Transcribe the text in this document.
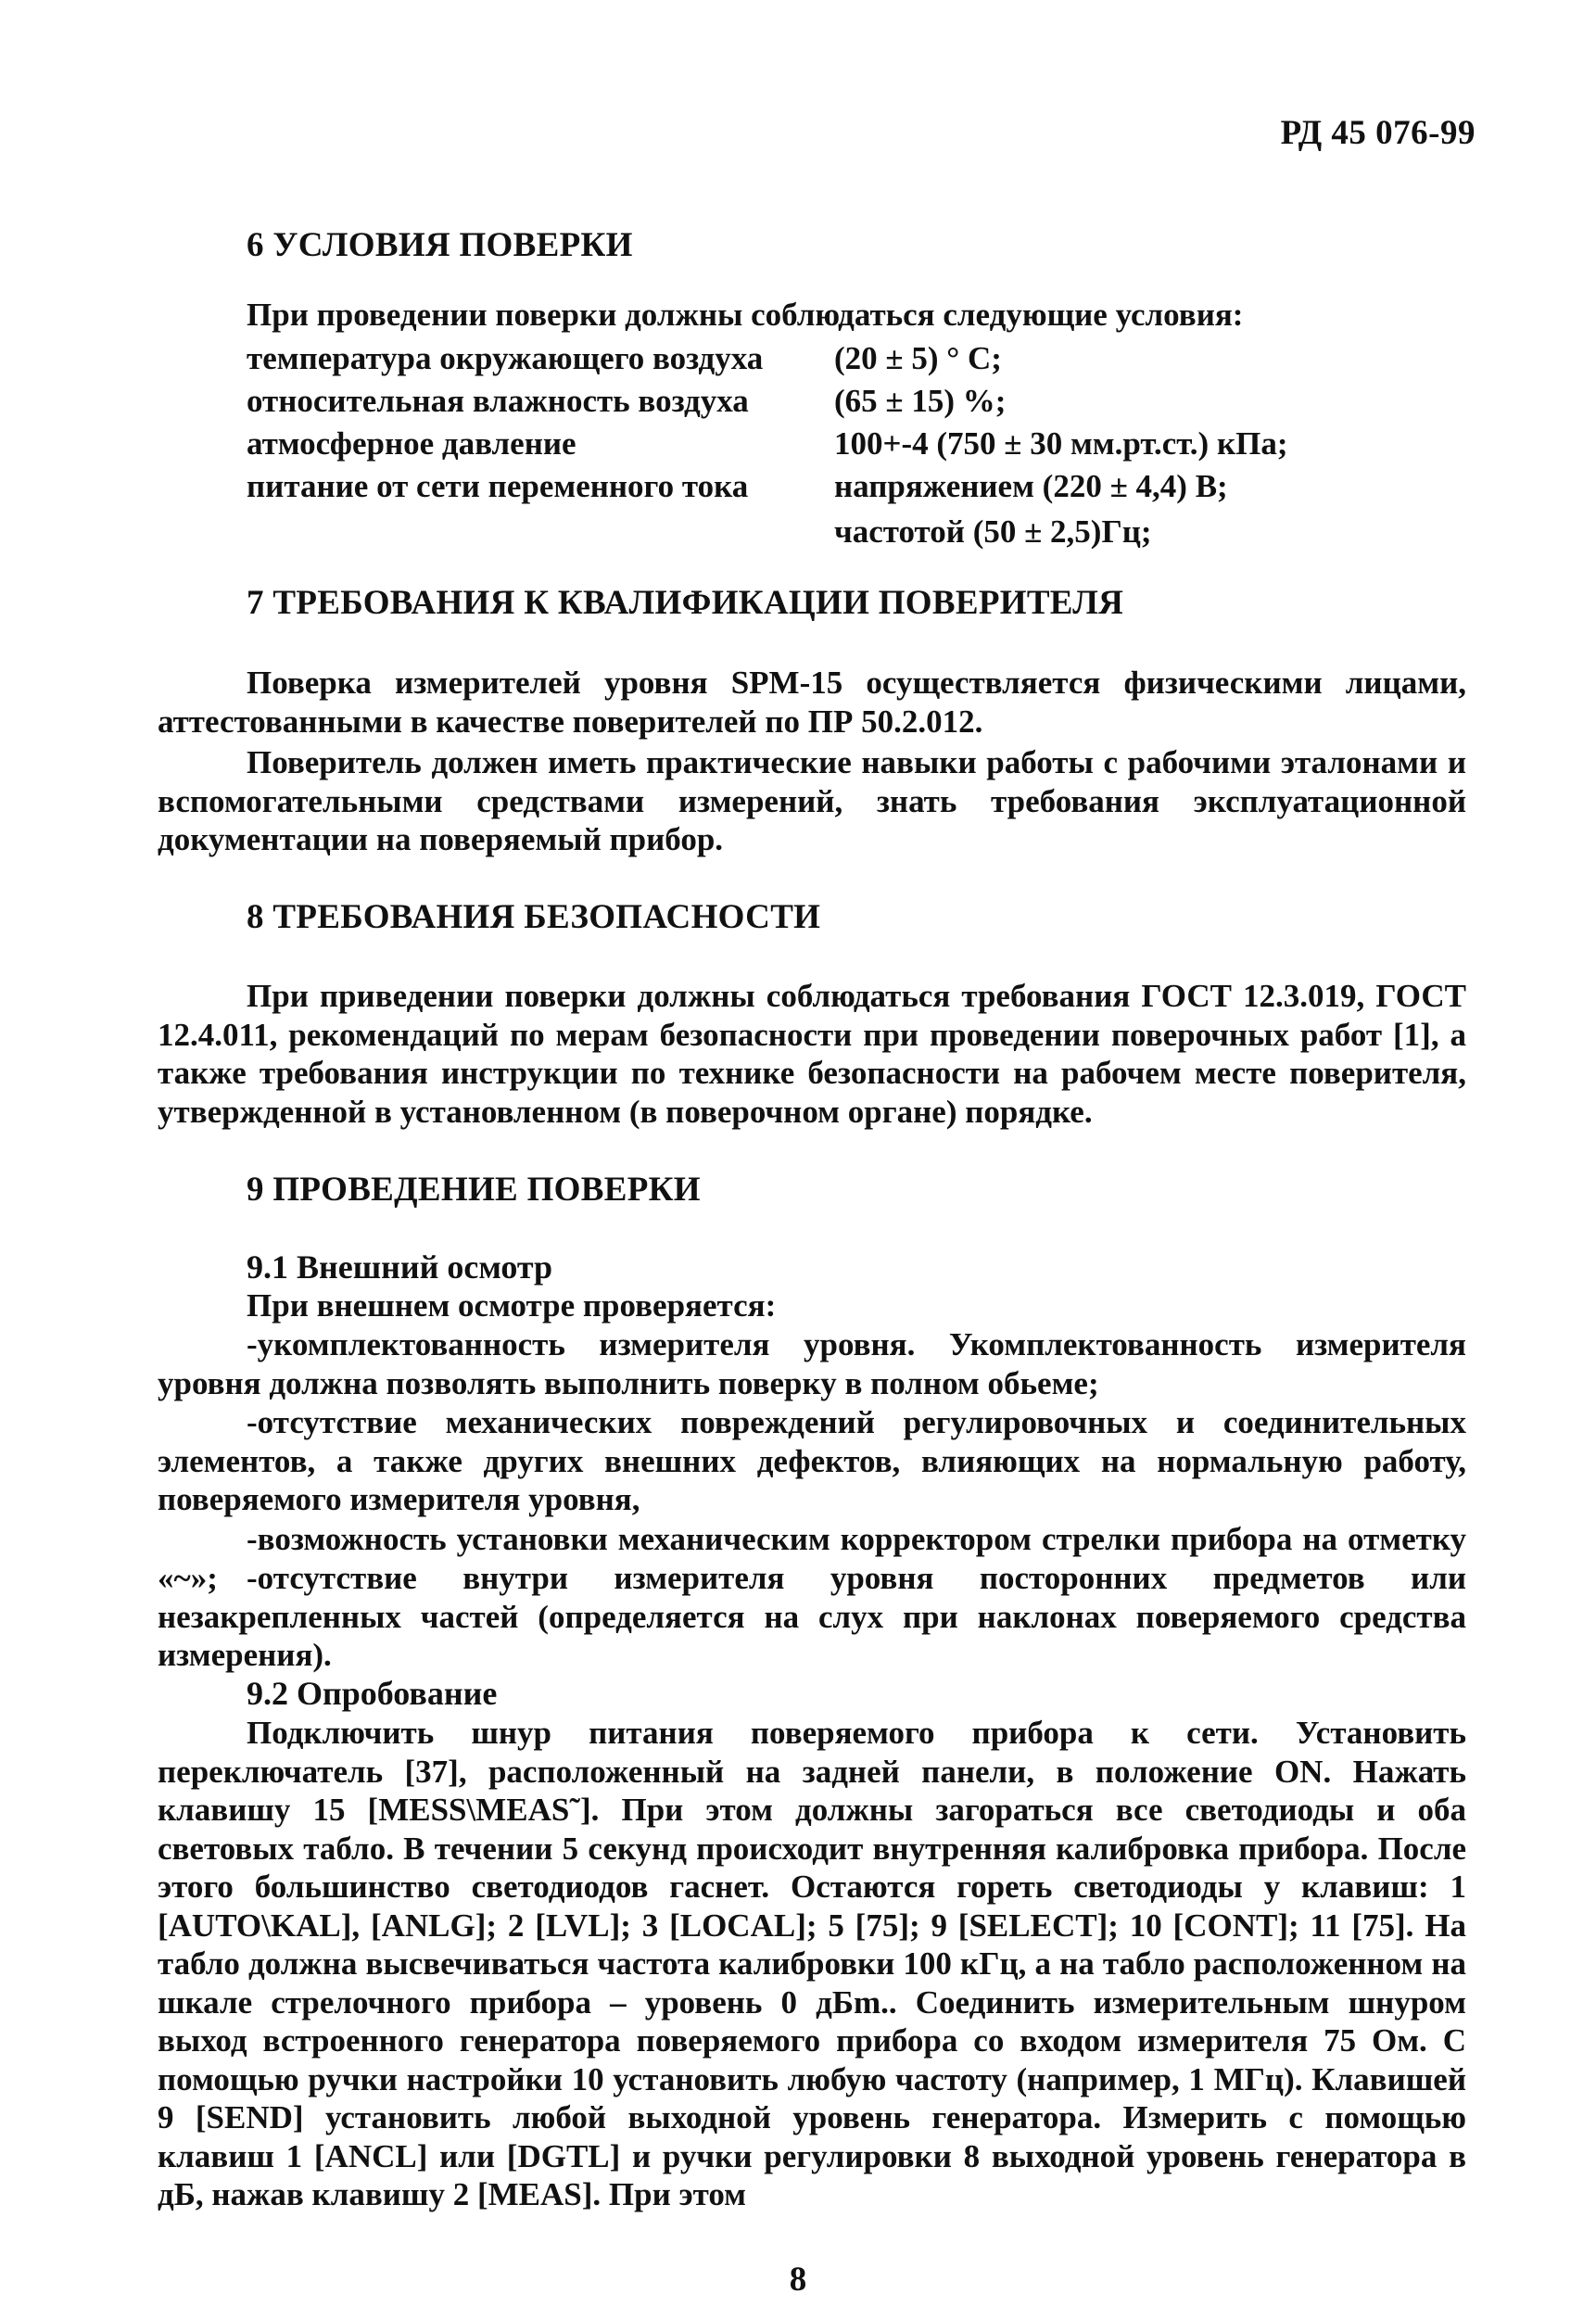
РД 45 076-99
6 УСЛОВИЯ ПОВЕРКИ
При проведении поверки должны соблюдаться следующие условия:
температура окружающего воздуха (20 ± 5) ° С;
относительная влажность воздуха	(65 ± 15) %;
атмосферное давление	100+-4 (750 ± 30 мм.рт.ст.) кПа;
питание от сети переменного тока	напряжением (220 ± 4,4) В;
частотой (50 ± 2,5)Гц;
7 ТРЕБОВАНИЯ К КВАЛИФИКАЦИИ ПОВЕРИТЕЛЯ

Поверка измерителей уровня SPM-15 осуществляется физическими лицами, аттестованными в качестве поверителей по ПР 50.2.012.

Поверитель должен иметь практические навыки работы с рабочими эталонами и вспомогательными средствами измерений, знать требования эксплуатационной документации на поверяемый прибор.

8 ТРЕБОВАНИЯ БЕЗОПАСНОСТИ

При приведении поверки должны соблюдаться требования ГОСТ 12.3.019, ГОСТ 12.4.011, рекомендаций по мерам безопасности при проведении поверочных работ [1], а также требования инструкции по технике безопасности на рабочем месте поверителя, утвержденной в установленном (в поверочном органе) порядке.

9 ПРОВЕДЕНИЕ ПОВЕРКИ
9.1 Внешний осмотр

При внешнем осмотре проверяется:

-укомплектованность измерителя уровня. Укомплектованность измерителя уровня должна позволять выполнить поверку в полном обьеме;

-отсутствие механических повреждений регулировочных и соединительных элементов, а также других внешних дефектов, влияющих на нормальную работу, поверяемого измерителя уровня,

-возможность установки механическим корректором стрелки прибора на отметку «~»; -отсутствие внутри измерителя уровня посторонних предметов или незакрепленных частей (определяется на слух при наклонах поверяемого средства измерения).

9.2 Опробование

Подключить шнур питания поверяемого прибора к сети. Установить переключатель [37], расположенный на задней панели, в положение ON. Нажать клавишу 15 [MESS\MEAS˜]. При этом должны загораться все светодиоды и оба световых табло. В течении 5 секунд происходит внутренняя калибровка прибора. После этого большинство светодиодов гаснет. Остаются гореть светодиоды у клавиш: 1 [AUTO\KAL], [ANLG]; 2 [LVL]; 3 [LOCAL]; 5 [75]; 9 [SELECT]; 10 [CONT]; 11 [75]. На табло должна высвечиваться частота калибровки 100 кГц, а на табло расположенном на шкале стрелочного прибора – уровень 0 дБm.. Соединить измерительным шнуром выход встроенного генератора поверяемого прибора со входом измерителя 75 Ом. С помощью ручки настройки 10 установить любую частоту (например, 1 МГц). Клавишей 9 [SEND] установить любой выходной уровень генератора. Измерить с помощью клавиш 1 [ANCL] или [DGTL] и ручки регулировки 8 выходной уровень генератора в дБ, нажав клавишу 2 [MEAS]. При этом

8
